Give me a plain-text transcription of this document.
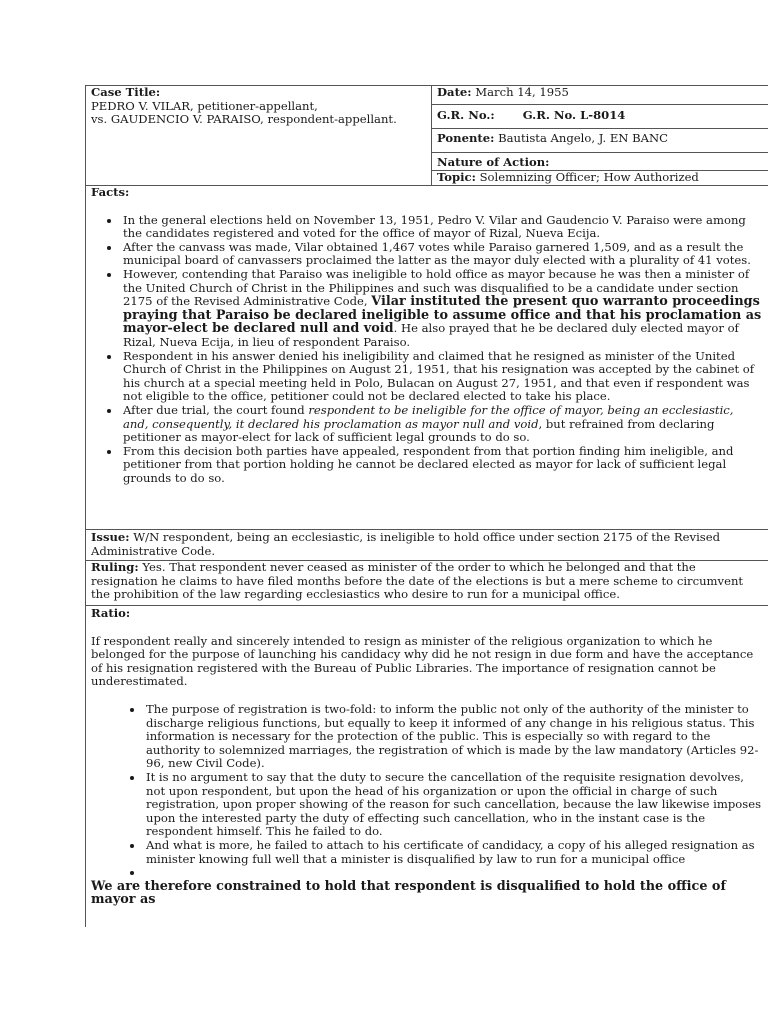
Case Title:
PEDRO V. VILAR, petitioner-appellant,
vs. GAUDENCIO V. PARAISO, respondent-appellant.
Date: March 14, 1955
G.R. No.: G.R. No. L-8014
Ponente: Bautista Angelo, J. EN BANC
Nature of Action:
Topic: Solemnizing Officer; How Authorized
Facts:
• In the general elections held on November 13, 1951, Pedro V. Vilar and Gaudencio V. Paraiso were among the candidates registered and voted for the office of mayor of Rizal, Nueva Ecija.
• After the canvass was made, Vilar obtained 1,467 votes while Paraiso garnered 1,509, and as a result the municipal board of canvassers proclaimed the latter as the mayor duly elected with a plurality of 41 votes.
• However, contending that Paraiso was ineligible to hold office as mayor because he was then a minister of the United Church of Christ in the Philippines and such was disqualified to be a candidate under section 2175 of the Revised Administrative Code, Vilar instituted the present quo warranto proceedings praying that Paraiso be declared ineligible to assume office and that his proclamation as mayor-elect be declared null and void. He also prayed that he be declared duly elected mayor of Rizal, Nueva Ecija, in lieu of respondent Paraiso.
• Respondent in his answer denied his ineligibility and claimed that he resigned as minister of the United Church of Christ in the Philippines on August 21, 1951, that his resignation was accepted by the cabinet of his church at a special meeting held in Polo, Bulacan on August 27, 1951, and that even if respondent was not eligible to the office, petitioner could not be declared elected to take his place.
• After due trial, the court found respondent to be ineligible for the office of mayor, being an ecclesiastic, and, consequently, it declared his proclamation as mayor null and void, but refrained from declaring petitioner as mayor-elect for lack of sufficient legal grounds to do so.
• From this decision both parties have appealed, respondent from that portion finding him ineligible, and petitioner from that portion holding he cannot be declared elected as mayor for lack of sufficient legal grounds to do so.
Issue: W/N respondent, being an ecclesiastic, is ineligible to hold office under section 2175 of the Revised Administrative Code.
Ruling: Yes. That respondent never ceased as minister of the order to which he belonged and that the resignation he claims to have filed months before the date of the elections is but a mere scheme to circumvent the prohibition of the law regarding ecclesiastics who desire to run for a municipal office.
Ratio:

If respondent really and sincerely intended to resign as minister of the religious organization to which he belonged for the purpose of launching his candidacy why did he not resign in due form and have the acceptance of his resignation registered with the Bureau of Public Libraries. The importance of resignation cannot be underestimated.

• The purpose of registration is two-fold: to inform the public not only of the authority of the minister to discharge religious functions, but equally to keep it informed of any change in his religious status. This information is necessary for the protection of the public. This is especially so with regard to the authority to solemnized marriages, the registration of which is made by the law mandatory (Articles 92-96, new Civil Code).
• It is no argument to say that the duty to secure the cancellation of the requisite resignation devolves, not upon respondent, but upon the head of his organization or upon the official in charge of such registration, upon proper showing of the reason for such cancellation, because the law likewise imposes upon the interested party the duty of effecting such cancellation, who in the instant case is the respondent himself. This he failed to do.
• And what is more, he failed to attach to his certificate of candidacy, a copy of his alleged resignation as minister knowing full well that a minister is disqualified by law to run for a municipal office
•

We are therefore constrained to hold that respondent is disqualified to hold the office of mayor as
